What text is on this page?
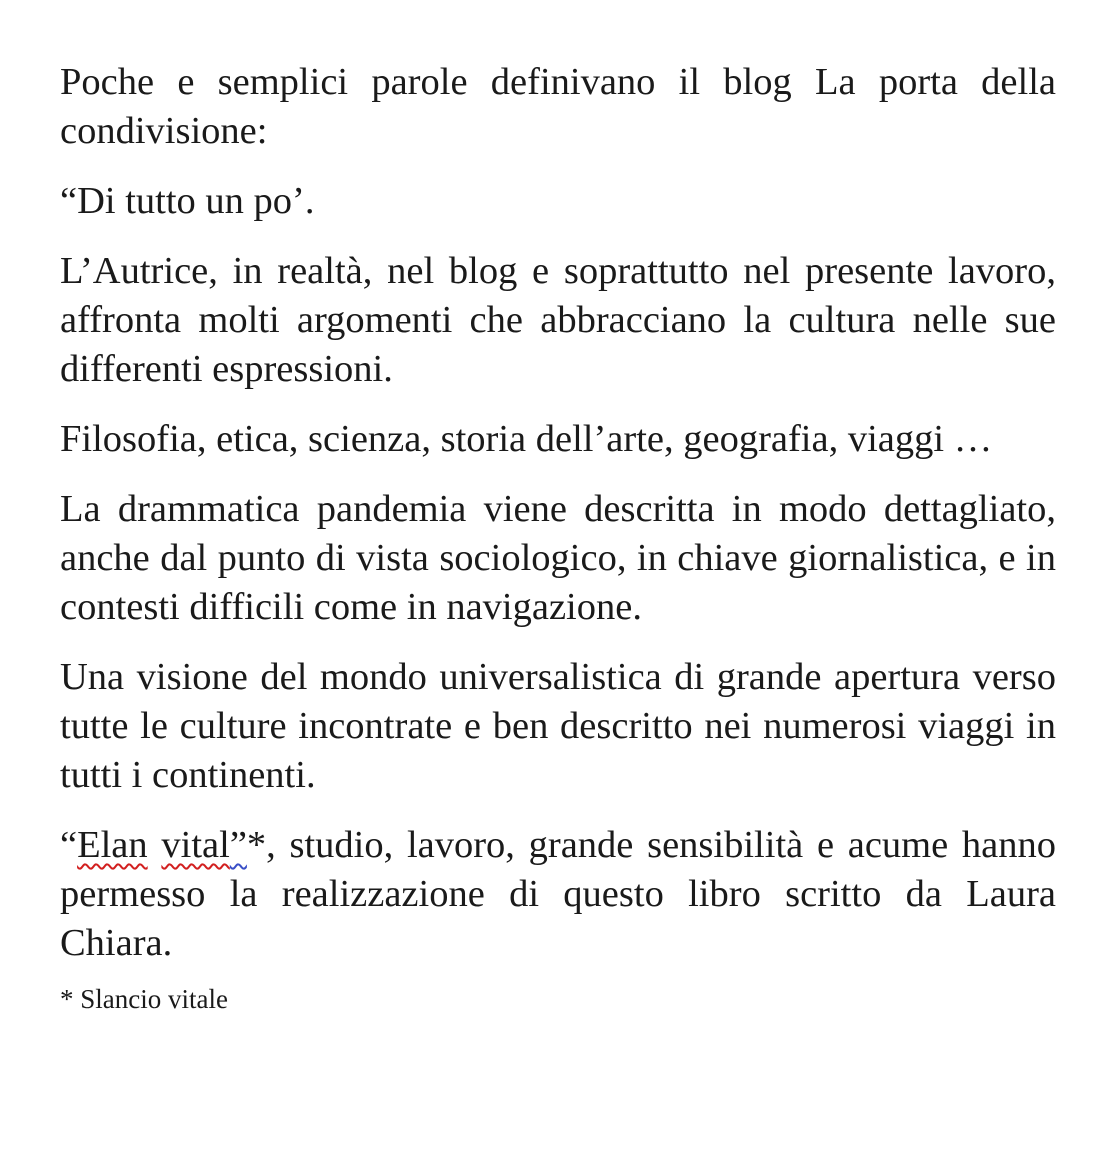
Poche e semplici parole definivano il blog La porta della condivisione:

“Di tutto un po’.

L’Autrice, in realtà, nel blog e soprattutto nel presente lavoro, affronta molti argomenti che abbracciano la cultura nelle sue differenti espressioni.

Filosofia, etica, scienza, storia dell’arte, geografia, viaggi …

La drammatica pandemia viene descritta in modo dettagliato, anche dal punto di vista sociologico, in chiave giornalistica, e in contesti difficili come in navigazione.

Una visione del mondo universalistica di grande apertura verso tutte le culture incontrate e ben descritto nei numerosi viaggi in tutti i continenti.

“Elan vital”*, studio, lavoro, grande sensibilità e acume hanno permesso la realizzazione di questo libro scritto da Laura Chiara.

* Slancio vitale
